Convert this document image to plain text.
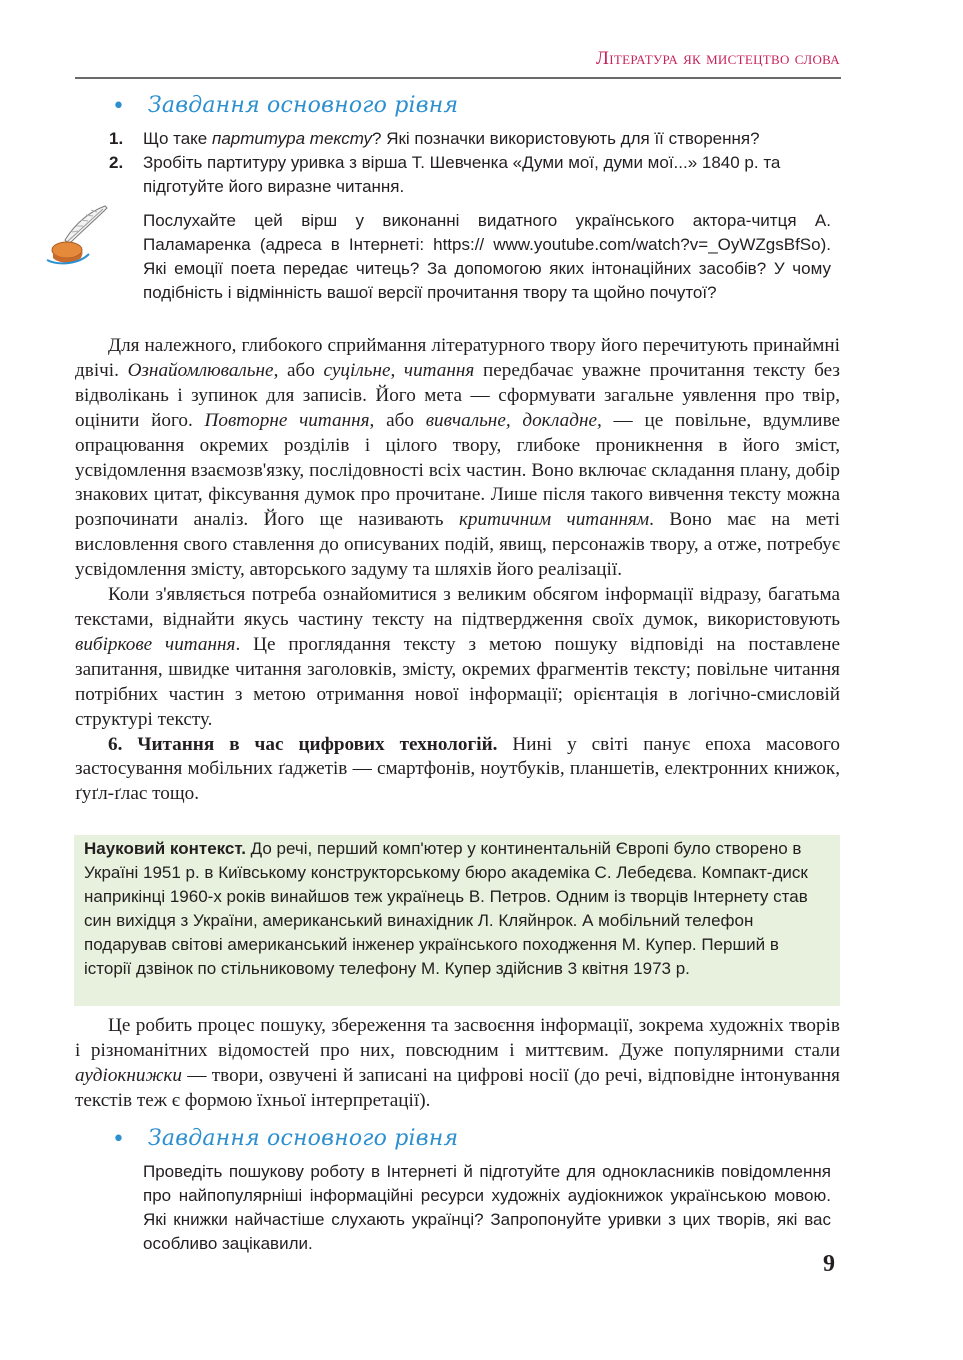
Література як мистецтво слова
• Завдання основного рівня
1. Що таке партитура тексту? Які позначки використовують для її створення?
2. Зробіть партитуру уривка з вірша Т. Шевченка «Думи мої, думи мої...» 1840 р. та підготуйте його виразне читання.
Послухайте цей вірш у виконанні видатного українського актора-читця А. Паламаренка (адреса в Інтернеті: https:// www.youtube.com/watch?v=_OyWZgsBfSo). Які емоції поета передає читець? За допомогою яких інтонаційних засобів? У чому подібність і відмінність вашої версії прочитання твору та щойно почутої?

Для належного, глибокого сприймання літературного твору його перечитують принаймні двічі. Ознайомлювальне, або суцільне, читання передбачає уважне прочитання тексту без відволікань і зупинок для записів. Його мета — сформувати загальне уявлення про твір, оцінити його. Повторне читання, або вивчальне, докладне, — це повільне, вдумливе опрацювання окремих розділів і цілого твору, глибоке проникнення в його зміст, усвідомлення взаємозв'язку, послідовності всіх частин. Воно включає складання плану, добір знакових цитат, фіксування думок про прочитане. Лише після такого вивчення тексту можна розпочинати аналіз. Його ще називають критичним читанням. Воно має на меті висловлення свого ставлення до описуваних подій, явищ, персонажів твору, а отже, потребує усвідомлення змісту, авторського задуму та шляхів його реалізації.

Коли з'являється потреба ознайомитися з великим обсягом інформації відразу, багатьма текстами, віднайти якусь частину тексту на підтвердження своїх думок, використовують вибіркове читання. Це проглядання тексту з метою пошуку відповіді на поставлене запитання, швидке читання заголовків, змісту, окремих фрагментів тексту; повільне читання потрібних частин з метою отримання нової інформації; орієнтація в логічно-смисловій структурі тексту.

6. Читання в час цифрових технологій. Нині у світі панує епоха масового застосування мобільних ґаджетів — смартфонів, ноутбуків, планшетів, електронних книжок, ґуґл-ґлас тощо.

Науковий контекст. До речі, перший комп'ютер у континентальній Європі було створено в Україні 1951 р. в Київському конструкторському бюро академіка С. Лебедєва. Компакт-диск наприкінці 1960-х років винайшов теж українець В. Петров. Одним із творців Інтернету став син вихідця з України, американський винахідник Л. Кляйнрок. А мобільний телефон подарував світові американський інженер українського походження М. Купер. Перший в історії дзвінок по стільниковому телефону М. Купер здійснив 3 квітня 1973 р.

Це робить процес пошуку, збереження та засвоєння інформації, зокрема художніх творів і різноманітних відомостей про них, повсюдним і миттєвим. Дуже популярними стали аудіокнижки — твори, озвучені й записані на цифрові носії (до речі, відповідне інтонування текстів теж є формою їхньої інтерпретації).

• Завдання основного рівня
Проведіть пошукову роботу в Інтернеті й підготуйте для однокласників повідомлення про найпопулярніші інформаційні ресурси художніх аудіокнижок українською мовою. Які книжки найчастіше слухають українці? Запропонуйте уривки з цих творів, які вас особливо зацікавили.
9
